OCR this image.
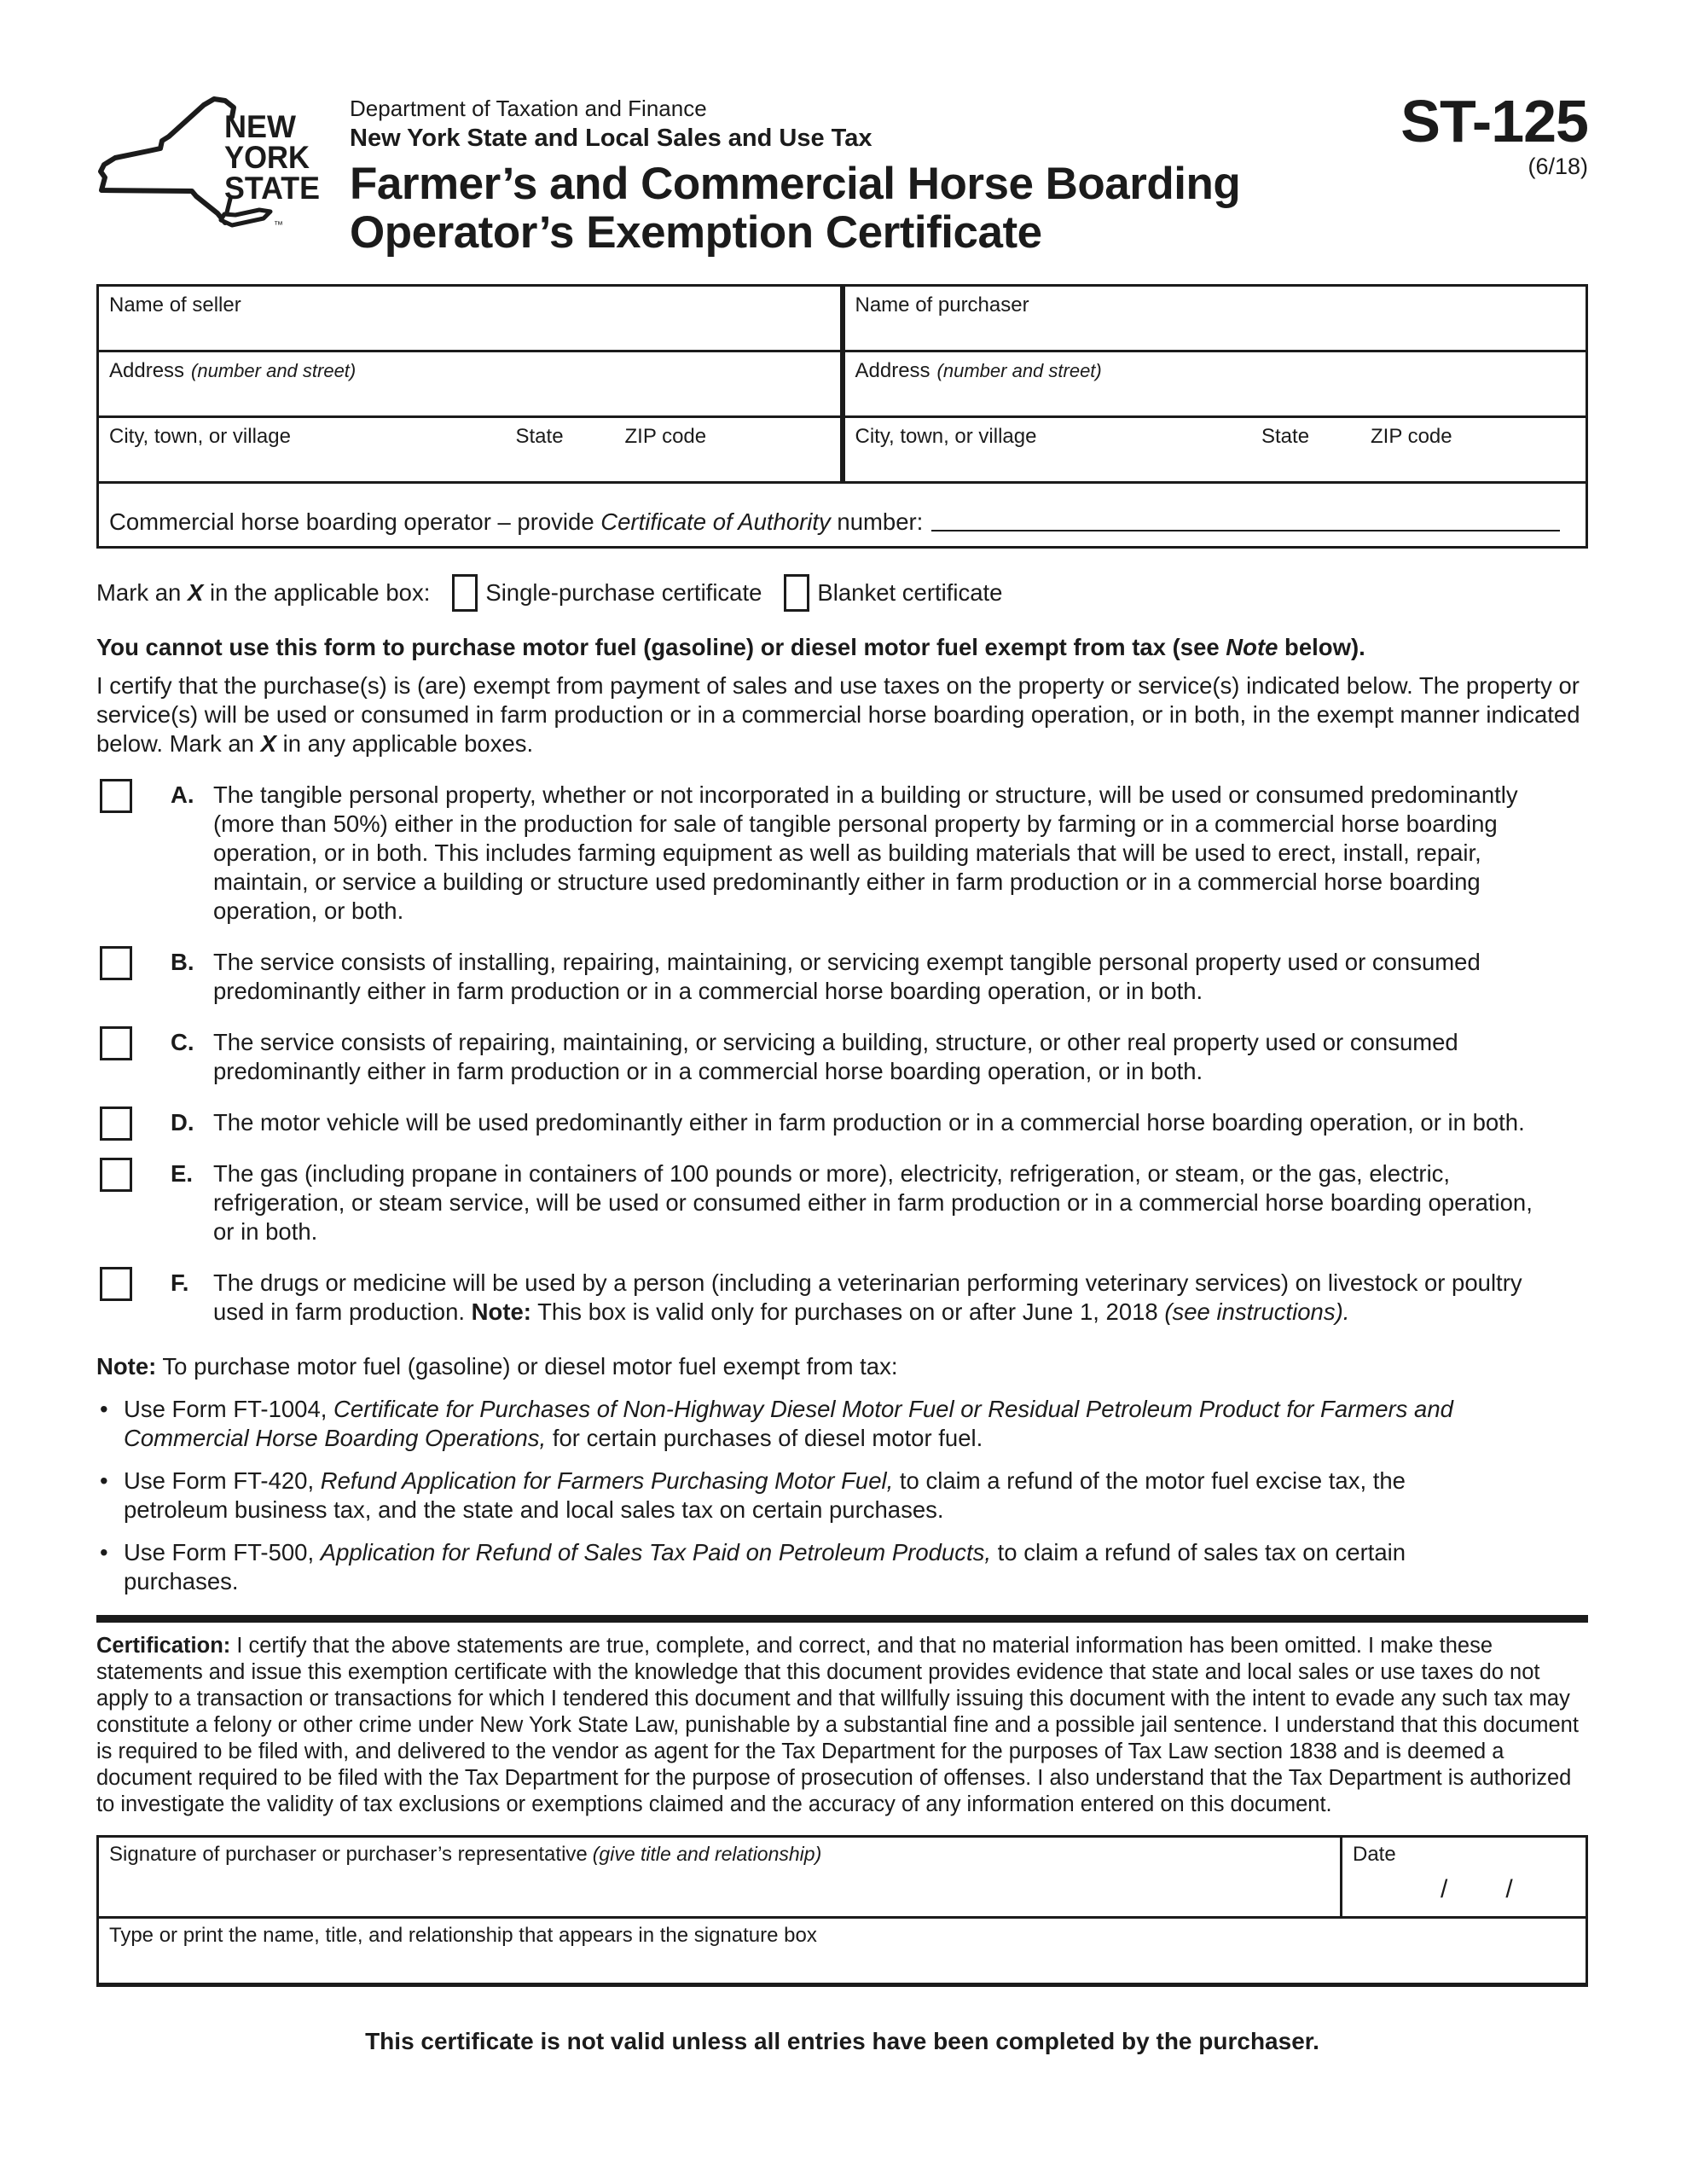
NEW
YORK
STATE
™
Department of Taxation and Finance
New York State and Local Sales and Use Tax
Farmer’s and Commercial Horse Boarding
Operator’s Exemption Certificate
ST-125
(6/18)
Name of seller	Name of purchaser
Address (number and street)	Address (number and street)
City, town, or village	State	ZIP code	City, town, or village	State	ZIP code
Commercial horse boarding operator – provide Certificate of Authority number:
Mark an X in the applicable box: Single-purchase certificate Blanket certificate

You cannot use this form to purchase motor fuel (gasoline) or diesel motor fuel exempt from tax (see Note below).

I certify that the purchase(s) is (are) exempt from payment of sales and use taxes on the property or service(s) indicated below. The property or service(s) will be used or consumed in farm production or in a commercial horse boarding operation, or in both, in the exempt manner indicated below. Mark an X in any applicable boxes.

A. The tangible personal property, whether or not incorporated in a building or structure, will be used or consumed predominantly (more than 50%) either in the production for sale of tangible personal property by farming or in a commercial horse boarding operation, or in both. This includes farming equipment as well as building materials that will be used to erect, install, repair, maintain, or service a building or structure used predominantly either in farm production or in a commercial horse boarding operation, or both.
B. The service consists of installing, repairing, maintaining, or servicing exempt tangible personal property used or consumed predominantly either in farm production or in a commercial horse boarding operation, or in both.
C. The service consists of repairing, maintaining, or servicing a building, structure, or other real property used or consumed predominantly either in farm production or in a commercial horse boarding operation, or in both.
D. The motor vehicle will be used predominantly either in farm production or in a commercial horse boarding operation, or in both.
E. The gas (including propane in containers of 100 pounds or more), electricity, refrigeration, or steam, or the gas, electric, refrigeration, or steam service, will be used or consumed either in farm production or in a commercial horse boarding operation, or in both.
F. The drugs or medicine will be used by a person (including a veterinarian performing veterinary services) on livestock or poultry used in farm production. Note: This box is valid only for purchases on or after June 1, 2018 (see instructions).

Note: To purchase motor fuel (gasoline) or diesel motor fuel exempt from tax:

• Use Form FT-1004, Certificate for Purchases of Non-Highway Diesel Motor Fuel or Residual Petroleum Product for Farmers and Commercial Horse Boarding Operations, for certain purchases of diesel motor fuel.
• Use Form FT-420, Refund Application for Farmers Purchasing Motor Fuel, to claim a refund of the motor fuel excise tax, the petroleum business tax, and the state and local sales tax on certain purchases.
• Use Form FT-500, Application for Refund of Sales Tax Paid on Petroleum Products, to claim a refund of sales tax on certain purchases.

Certification: I certify that the above statements are true, complete, and correct, and that no material information has been omitted. I make these statements and issue this exemption certificate with the knowledge that this document provides evidence that state and local sales or use taxes do not apply to a transaction or transactions for which I tendered this document and that willfully issuing this document with the intent to evade any such tax may constitute a felony or other crime under New York State Law, punishable by a substantial fine and a possible jail sentence. I understand that this document is required to be filed with, and delivered to the vendor as agent for the Tax Department for the purposes of Tax Law section 1838 and is deemed a document required to be filed with the Tax Department for the purpose of prosecution of offenses. I also understand that the Tax Department is authorized to investigate the validity of tax exclusions or exemptions claimed and the accuracy of any information entered on this document.

Signature of purchaser or purchaser’s representative (give title and relationship)	Date
/ /
Type or print the name, title, and relationship that appears in the signature box

This certificate is not valid unless all entries have been completed by the purchaser.
